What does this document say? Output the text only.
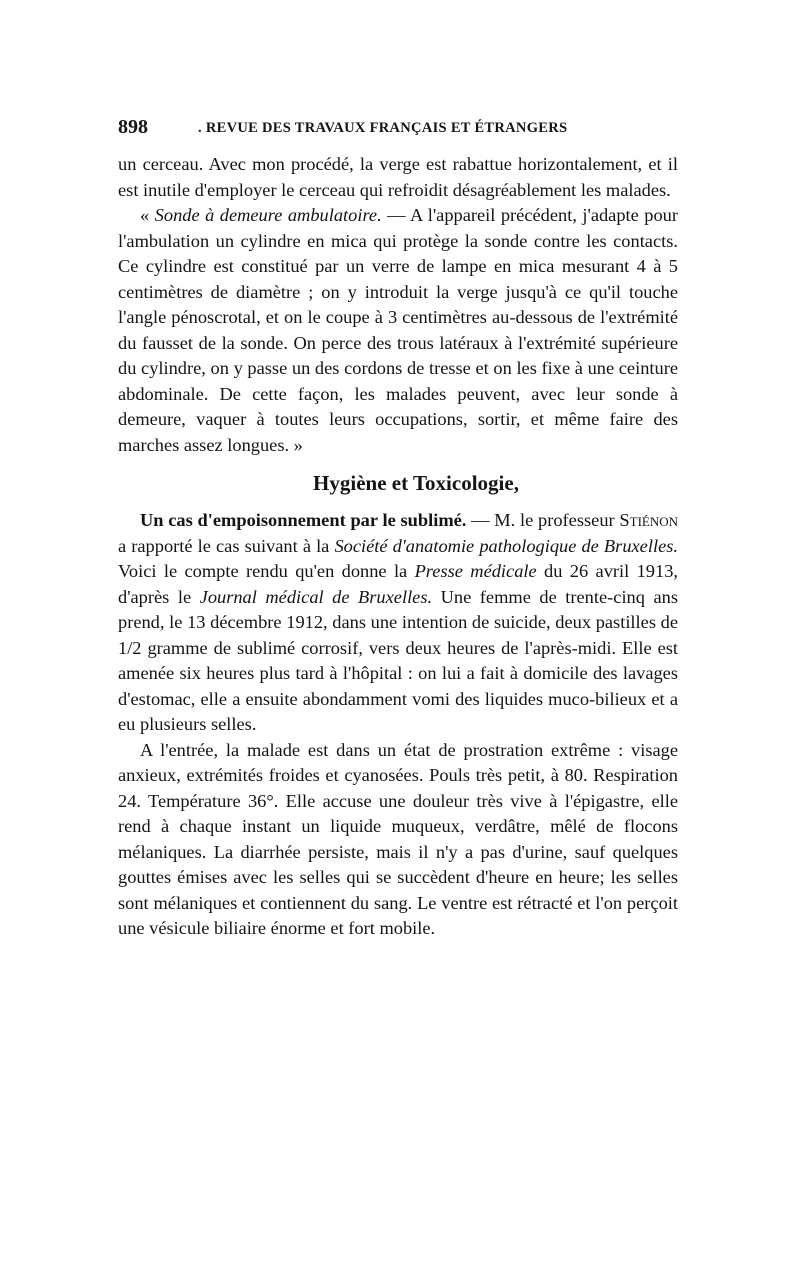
898	. REVUE DES TRAVAUX FRANÇAIS ET ÉTRANGERS

un cerceau. Avec mon procédé, la verge est rabattue horizontalement, et il est inutile d'employer le cerceau qui refroidit désagréablement les malades.

« Sonde à demeure ambulatoire. — A l'appareil précédent, j'adapte pour l'ambulation un cylindre en mica qui protège la sonde contre les contacts. Ce cylindre est constitué par un verre de lampe en mica mesurant 4 à 5 centimètres de diamètre ; on y introduit la verge jusqu'à ce qu'il touche l'angle pénoscrotal, et on le coupe à 3 centimètres au-dessous de l'extrémité du fausset de la sonde. On perce des trous latéraux à l'extrémité supérieure du cylindre, on y passe un des cordons de tresse et on les fixe à une ceinture abdominale. De cette façon, les malades peuvent, avec leur sonde à demeure, vaquer à toutes leurs occupations, sortir, et même faire des marches assez longues. »

Hygiène et Toxicologie,

Un cas d'empoisonnement par le sublimé. — M. le professeur Stiénon a rapporté le cas suivant à la Société d'anatomie pathologique de Bruxelles. Voici le compte rendu qu'en donne la Presse médicale du 26 avril 1913, d'après le Journal médical de Bruxelles. Une femme de trente-cinq ans prend, le 13 décembre 1912, dans une intention de suicide, deux pastilles de 1/2 gramme de sublimé corrosif, vers deux heures de l'après-midi. Elle est amenée six heures plus tard à l'hôpital : on lui a fait à domicile des lavages d'estomac, elle a ensuite abondamment vomi des liquides muco-bilieux et a eu plusieurs selles.

A l'entrée, la malade est dans un état de prostration extrême : visage anxieux, extrémités froides et cyanosées. Pouls très petit, à 80. Respiration 24. Température 36°. Elle accuse une douleur très vive à l'épigastre, elle rend à chaque instant un liquide muqueux, verdâtre, mêlé de flocons mélaniques. La diarrhée persiste, mais il n'y a pas d'urine, sauf quelques gouttes émises avec les selles qui se succèdent d'heure en heure; les selles sont mélaniques et contiennent du sang. Le ventre est rétracté et l'on perçoit une vésicule biliaire énorme et fort mobile.
